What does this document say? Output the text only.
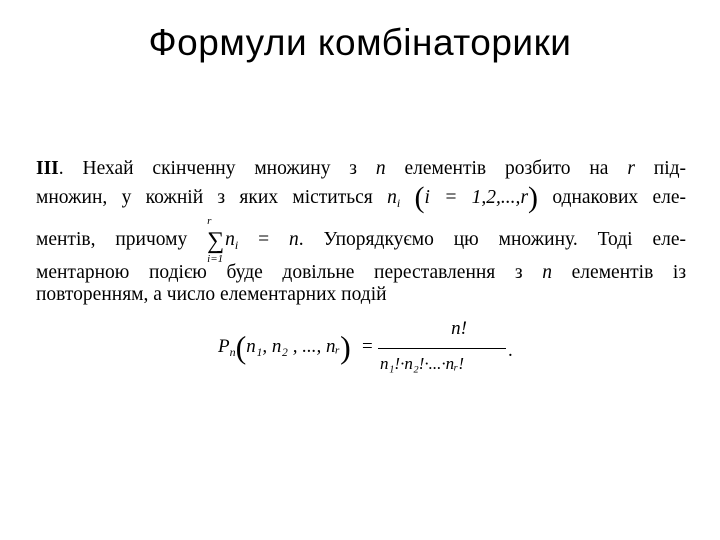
Формули комбінаторики
III. Нехай скінченну множину з n елементів розбито на r під-
множин, у кожній з яких міститься $n_i$ (i = 1,2,...,r) однакових еле-
ментів, причому
r
∑
i=1
$n_i = n$. Упорядкуємо цю множину. Тоді еле-
ментарною подією буде довільне переставлення з n елементів із
повторенням, а число елементарних подій
$P_n(n_1$, n₂ , ..., nᵣ) =
n!
n₁!·n₂!·...·nᵣ!
.
